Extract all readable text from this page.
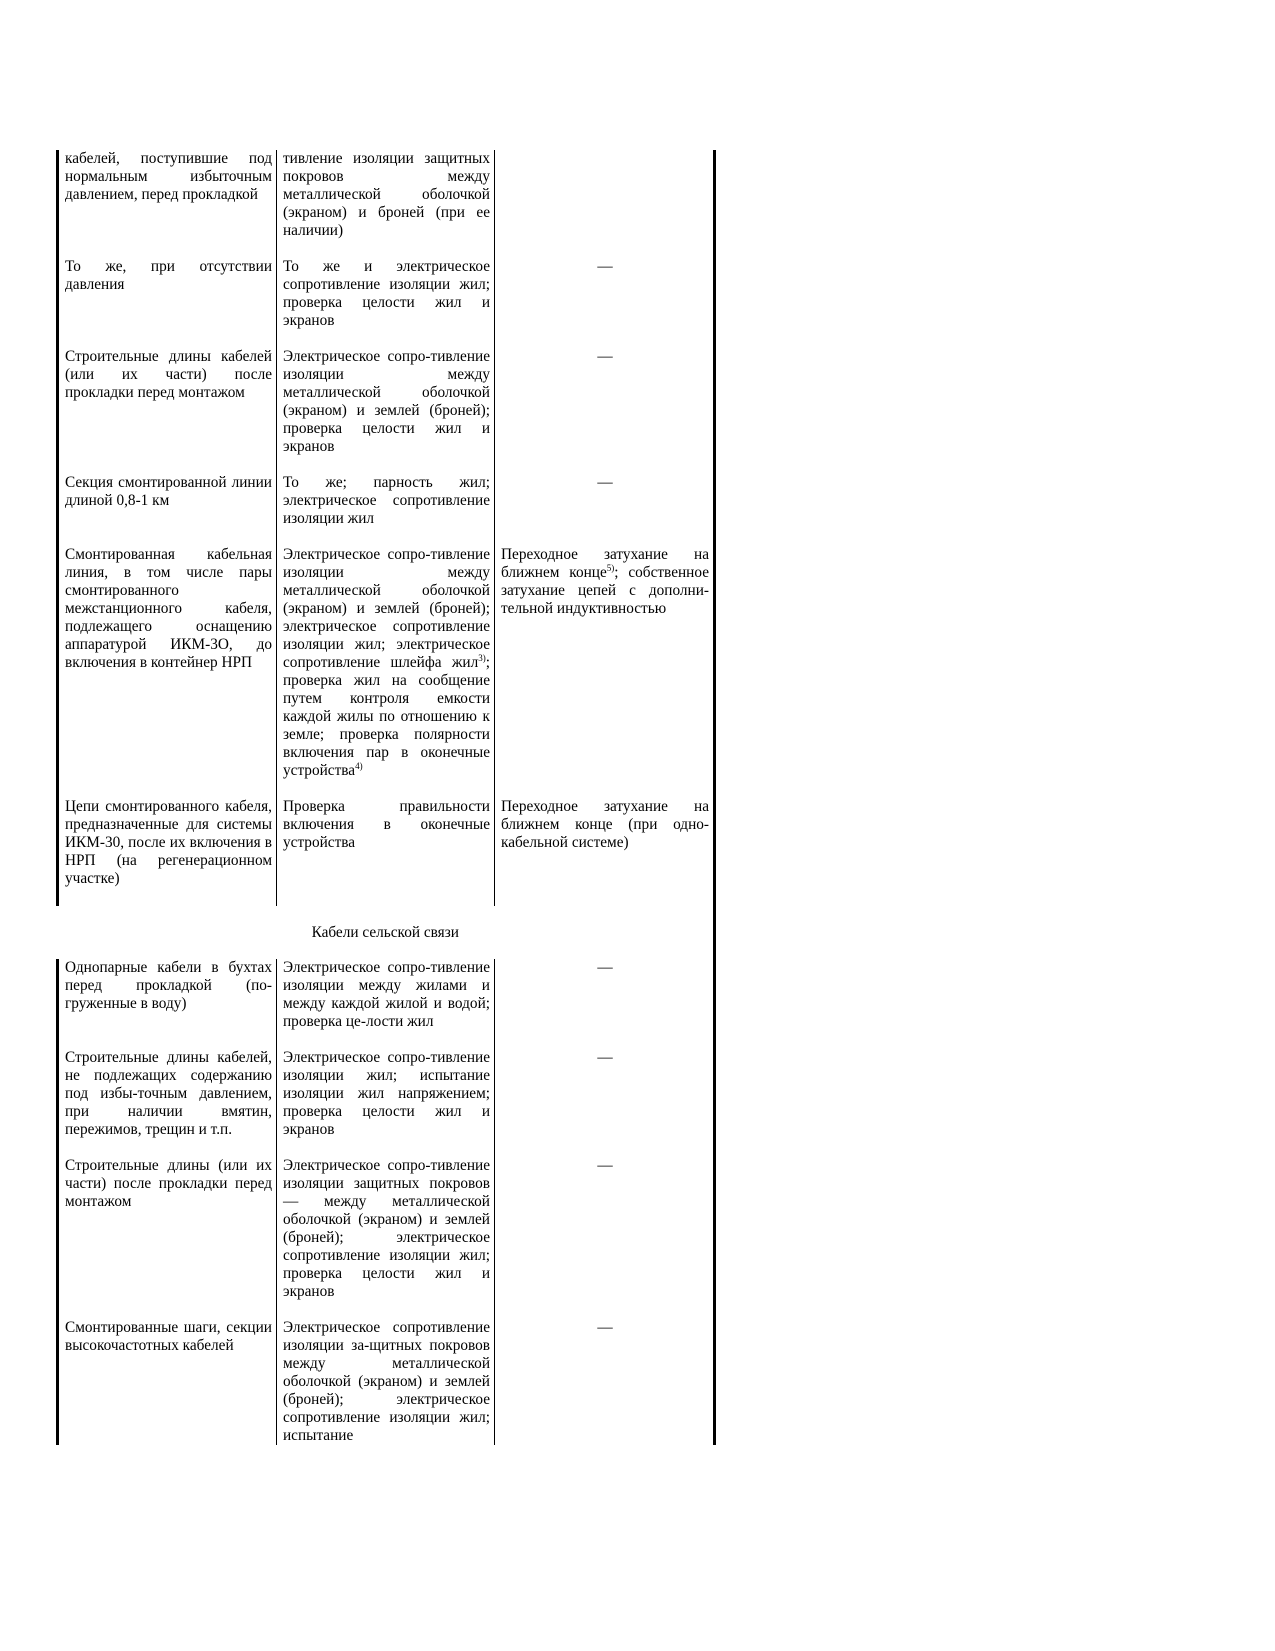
кабелей, поступившие под нормальным избыточным давлением, перед прокладкой	тивление изоляции защитных покровов между металлической оболочкой (экраном) и броней (при ее наличии)	

То же, при отсутствии давления	То же и электрическое сопротивление изоляции жил; проверка целости жил и экранов	—

Строительные длины кабелей (или их части) после прокладки перед монтажом	Электрическое сопро-тивление изоляции между металлической оболочкой (экраном) и землей (броней); проверка целости жил и экранов	—

Секция смонтированной линии длиной 0,8-1 км	То же; парность жил; электрическое сопротивление изоляции жил	—

Смонтированная кабельная линия, в том числе пары смонтированного межстанционного кабеля, подлежащего оснащению аппаратурой ИКМ-3О, до включения в контейнер НРП	Электрическое сопро-тивление изоляции между металлической оболочкой (экраном) и землей (броней); электрическое сопротивление изоляции жил; электрическое сопротивление шлейфа жил$^{3)}$; проверка жил на сообщение путем контроля емкости каждой жилы по отношению к земле; проверка полярности включения пар в оконечные устройства$^{4)}$	Переходное затухание на ближнем конце$^{5)}$; собственное затухание цепей с дополни-тельной индуктивностью

Цепи смонтированного кабеля, предназначенные для системы ИКМ-30, после их включения в НРП (на регенерационном участке)	Проверка правильности включения в оконечные устройства	Переходное затухание на ближнем конце (при одно-кабельной системе)

Кабели сельской связи		
Однопарные кабели в бухтах перед прокладкой (по-груженные в воду)	Электрическое сопро-тивление изоляции между жилами и между каждой жилой и водой; проверка це-лости жил	—

Строительные длины кабелей, не подлежащих содержанию под избы-точным давлением, при наличии вмятин, пережимов, трещин и т.п.	Электрическое сопро-тивление изоляции жил; испытание изоляции жил напряжением; проверка целости жил и экранов	—

Строительные длины (или их части) после прокладки перед монтажом	Электрическое сопро-тивление изоляции защитных покровов — между металлической оболочкой (экраном) и землей (броней); электрическое сопротивление изоляции жил; проверка целости жил и экранов	—

Смонтированные шаги, секции высокочастотных кабелей	Электрическое сопротивление изоляции за-щитных покровов между металлической оболочкой (экраном) и землей (броней); электрическое сопротивление изоляции жил; испытание	—
